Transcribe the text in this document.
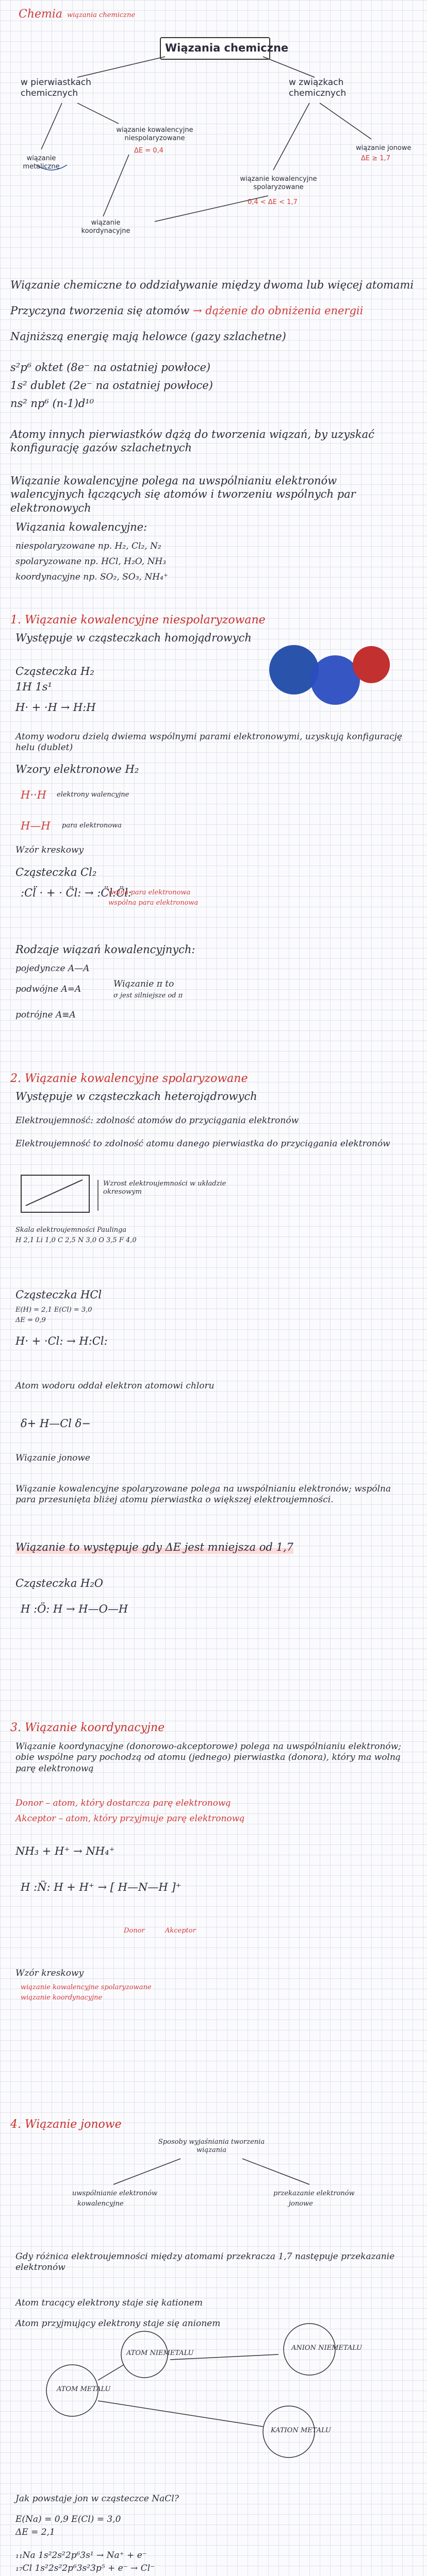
Chemia wiązania chemiczne
Wiązania chemiczne
w pierwiastkach chemicznych
wiązanie kowalencyjne niespolaryzowane
ΔE = 0,4
wiązanie metaliczne
w związkach chemicznych
wiązanie jonowe
ΔE ≥ 1,7
wiązanie kowalencyjne spolaryzowane
0,4 < ΔE < 1,7
wiązanie koordynacyjne
Wiązanie chemiczne to oddziaływanie między dwoma lub więcej atomami
Przyczyna tworzenia się atomów → dążenie do obniżenia energii
Najniższą energię mają helowce (gazy szlachetne)
s²p⁶ oktet (8e⁻ na ostatniej powłoce)
1s² dublet (2e⁻ na ostatniej powłoce)
ns² np⁶ (n-1)d¹⁰
Atomy innych pierwiastków dążą do tworzenia wiązań, by uzyskać konfigurację gazów szlachetnych
Wiązanie kowalencyjne polega na uwspólnianiu elektronów walencyjnych łączących się atomów i tworzeniu wspólnych par elektronowych
Wiązania kowalencyjne:
niespolaryzowane np. H₂, Cl₂, N₂
spolaryzowane np. HCl, H₂O, NH₃
koordynacyjne np. SO₂, SO₃, NH₄⁺
1. Wiązanie kowalencyjne niespolaryzowane
Występuje w cząsteczkach homojądrowych
Cząsteczka H₂
1H 1s¹
H· + ·H → H:H
Atomy wodoru dzielą dwiema wspólnymi parami elektronowymi, uzyskują konfigurację helu (dublet)
Wzory elektronowe H₂
H··H elektrony walencyjne
H—H para elektronowa
Wzór kreskowy
Cząsteczka Cl₂
:Cl̈ · + · C̈l: → :C̈l:C̈l:
wolna para elektronowa
wspólna para elektronowa
Rodzaje wiązań kowalencyjnych:
pojedyncze A—A
podwójne A=A	Wiązanie π to
σ jest silniejsze od π
potrójne A≡A
2. Wiązanie kowalencyjne spolaryzowane
Występuje w cząsteczkach heterojądrowych
Elektroujemność: zdolność atomów do przyciągania elektronów
Elektroujemność to zdolność atomu danego pierwiastka do przyciągania elektronów
Wzrost elektroujemności w układzie okresowym
Skala elektroujemności Paulinga
H 2,1 Li 1,0 C 2,5 N 3,0 O 3,5 F 4,0
Cząsteczka HCl
E(H) = 2,1 E(Cl) = 3,0
ΔE = 0,9
H· + ·Cl: → H:Cl:
Atom wodoru oddał elektron atomowi chloru
δ+ H—Cl δ−
Wiązanie jonowe
Wiązanie kowalencyjne spolaryzowane polega na uwspólnianiu elektronów; wspólna para przesunięta bliżej atomu pierwiastka o większej elektroujemności.
Wiązanie to występuje gdy ΔE jest mniejsza od 1,7
Cząsteczka H₂O
H :Ö: H → H—O—H
3. Wiązanie koordynacyjne
Wiązanie koordynacyjne (donorowo-akceptorowe) polega na uwspólnianiu elektronów; obie wspólne pary pochodzą od atomu (jednego) pierwiastka (donora), który ma wolną parę elektronową
Donor – atom, który dostarcza parę elektronową
Akceptor – atom, który przyjmuje parę elektronową
NH₃ + H⁺ → NH₄⁺
H :N̈: H + H⁺ → [ H—N—H ]⁺
Donor	Akceptor
Wzór kreskowy
wiązanie kowalencyjne spolaryzowane
wiązanie koordynacyjne
4. Wiązanie jonowe
Sposoby wyjaśniania tworzenia wiązania
uwspólnianie elektronów
kowalencyjne
przekazanie elektronów
jonowe
Gdy różnica elektroujemności między atomami przekracza 1,7 następuje przekazanie elektronów
Atom tracący elektrony staje się kationem
Atom przyjmujący elektrony staje się anionem
ATOM METALU
ATOM NIEMETALU
ANION NIEMETALU
KATION METALU
Jak powstaje jon w cząsteczce NaCl?
E(Na) = 0,9 E(Cl) = 3,0
ΔE = 2,1
₁₁Na 1s²2s²2p⁶3s¹ → Na⁺ + e⁻
₁₇Cl 1s²2s²2p⁶3s²3p⁵ + e⁻ → Cl⁻
